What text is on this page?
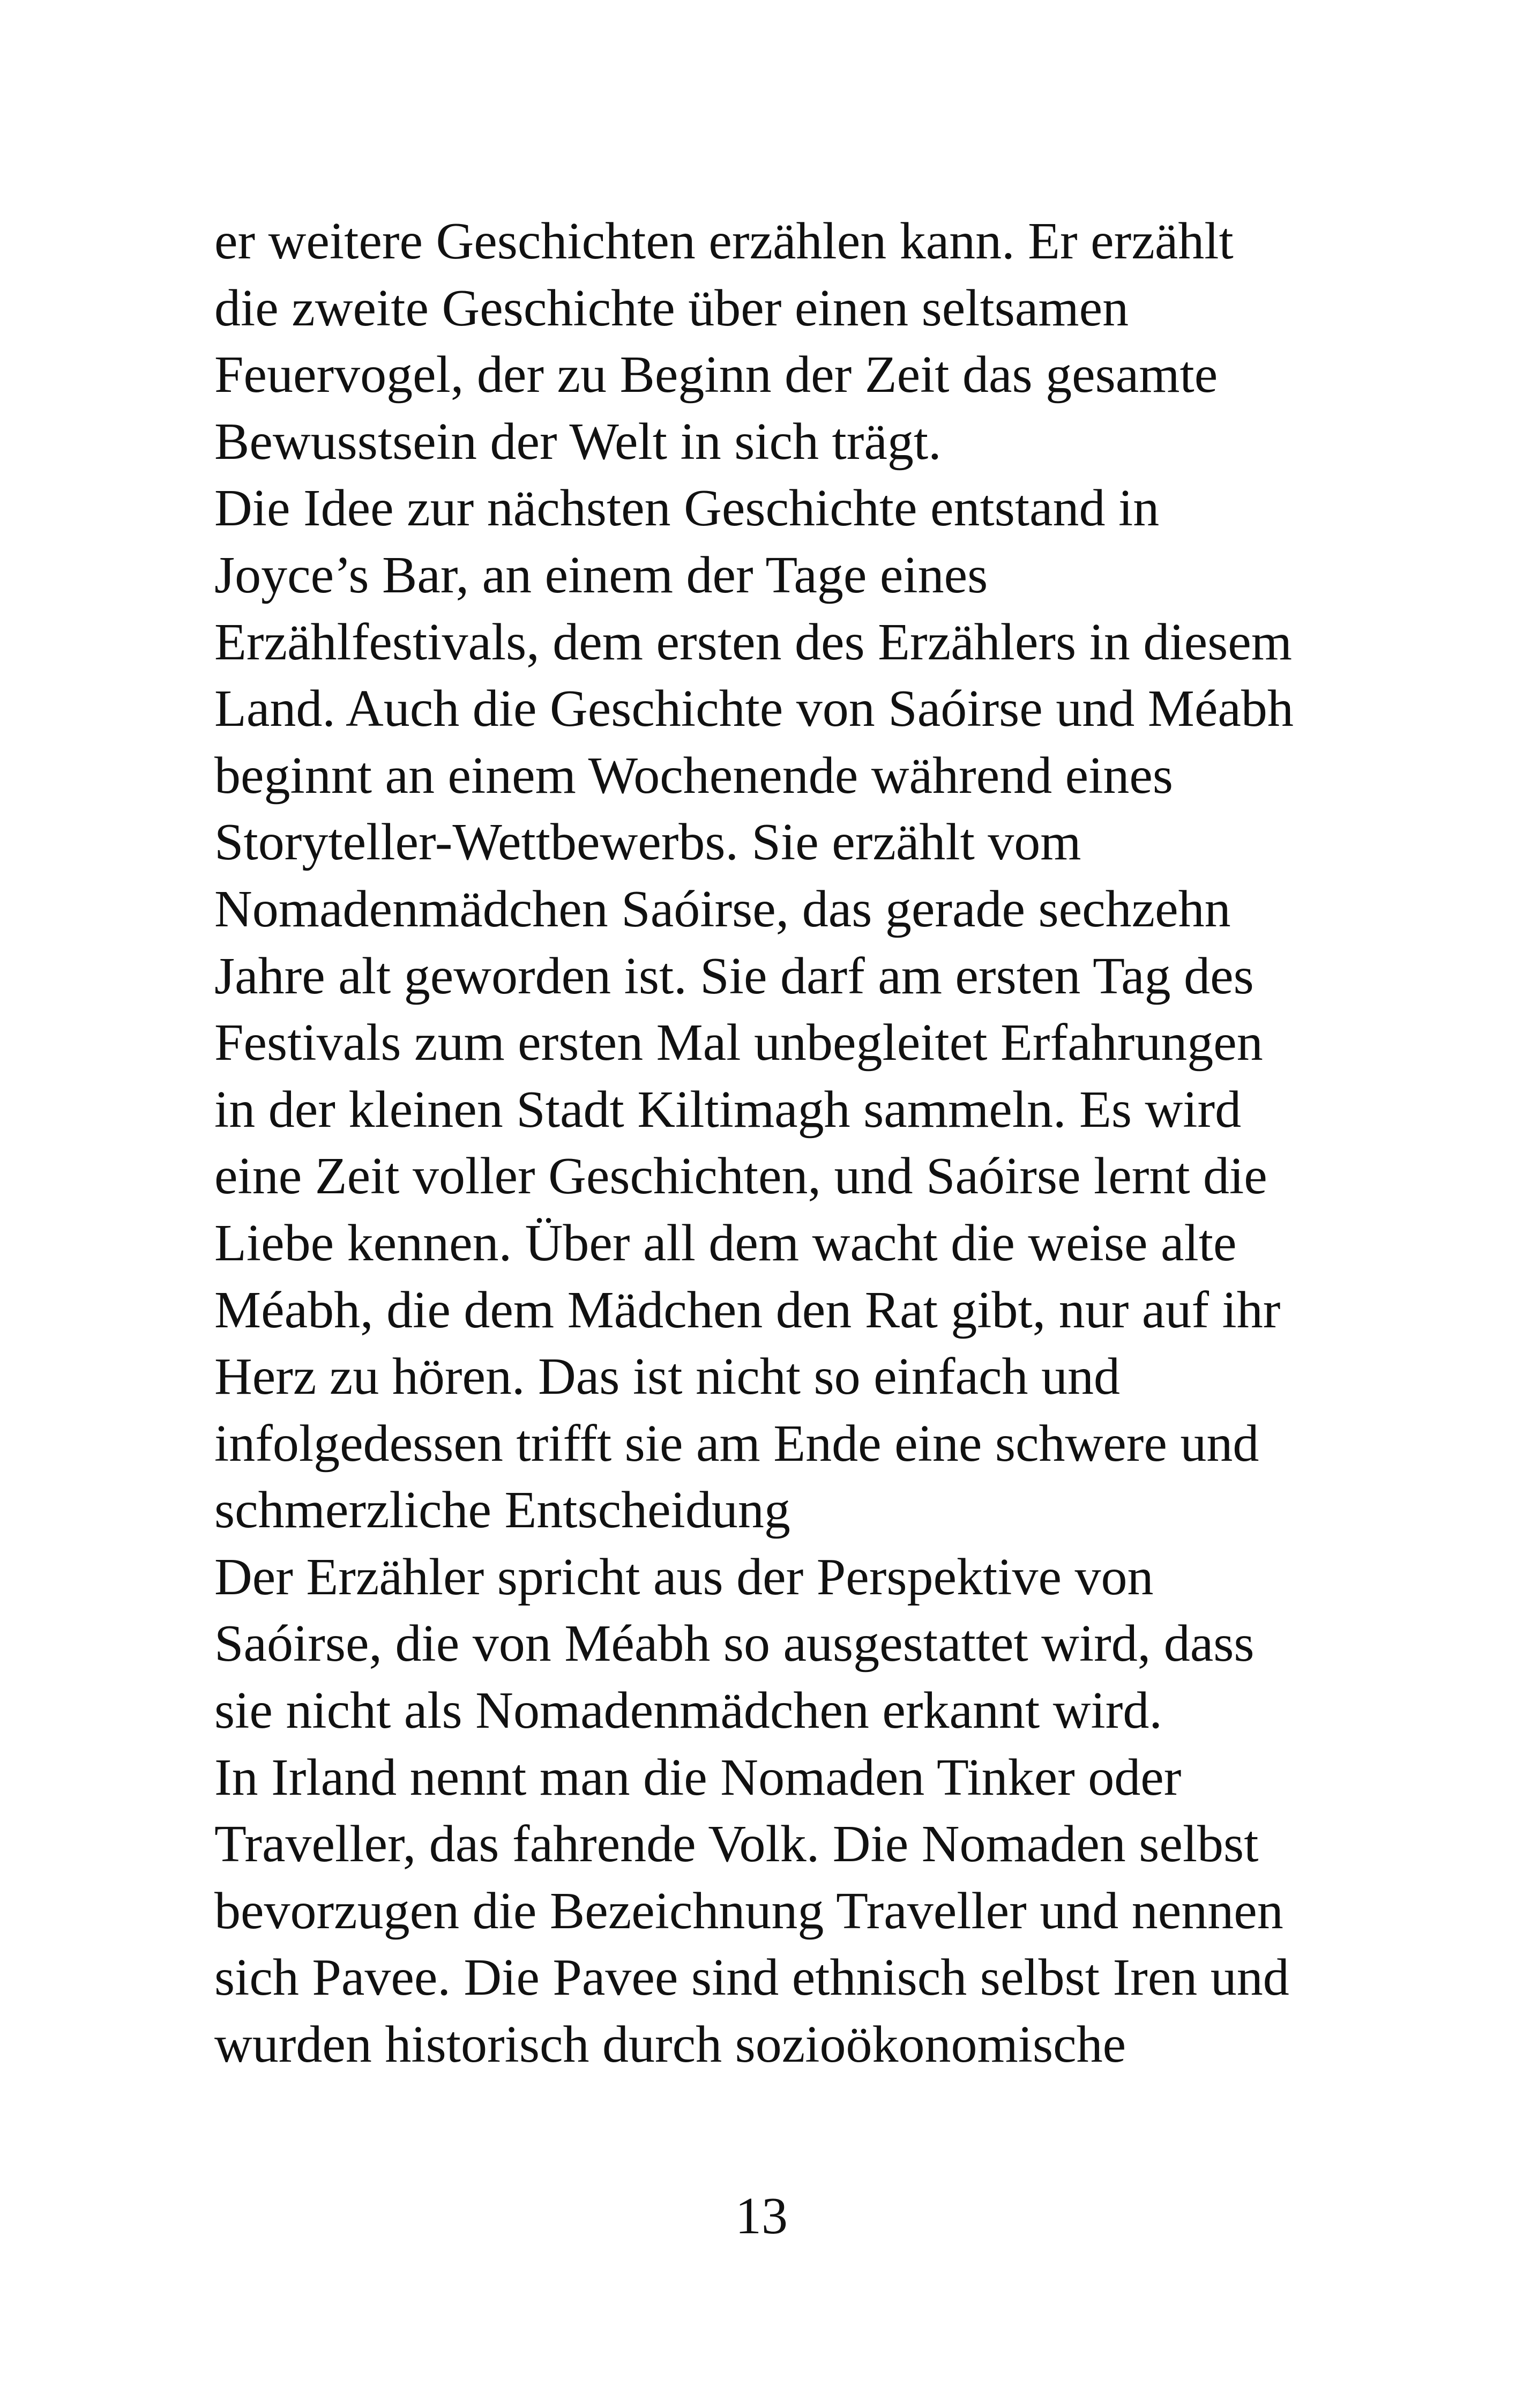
er weitere Geschichten erzählen kann. Er erzählt
die zweite Geschichte über einen seltsamen
Feuervogel, der zu Beginn der Zeit das gesamte
Bewusstsein der Welt in sich trägt.
Die Idee zur nächsten Geschichte entstand in
Joyce’s Bar, an einem der Tage eines
Erzählfestivals, dem ersten des Erzählers in diesem
Land. Auch die Geschichte von Saóirse und Méabh
beginnt an einem Wochenende während eines
Storyteller-Wettbewerbs. Sie erzählt vom
Nomadenmädchen Saóirse, das gerade sechzehn
Jahre alt geworden ist. Sie darf am ersten Tag des
Festivals zum ersten Mal unbegleitet Erfahrungen
in der kleinen Stadt Kiltimagh sammeln. Es wird
eine Zeit voller Geschichten, und Saóirse lernt die
Liebe kennen. Über all dem wacht die weise alte
Méabh, die dem Mädchen den Rat gibt, nur auf ihr
Herz zu hören. Das ist nicht so einfach und
infolgedessen trifft sie am Ende eine schwere und
schmerzliche Entscheidung
Der Erzähler spricht aus der Perspektive von
Saóirse, die von Méabh so ausgestattet wird, dass
sie nicht als Nomadenmädchen erkannt wird.
In Irland nennt man die Nomaden Tinker oder
Traveller, das fahrende Volk. Die Nomaden selbst
bevorzugen die Bezeichnung Traveller und nennen
sich Pavee. Die Pavee sind ethnisch selbst Iren und
wurden historisch durch sozioökonomische
13
